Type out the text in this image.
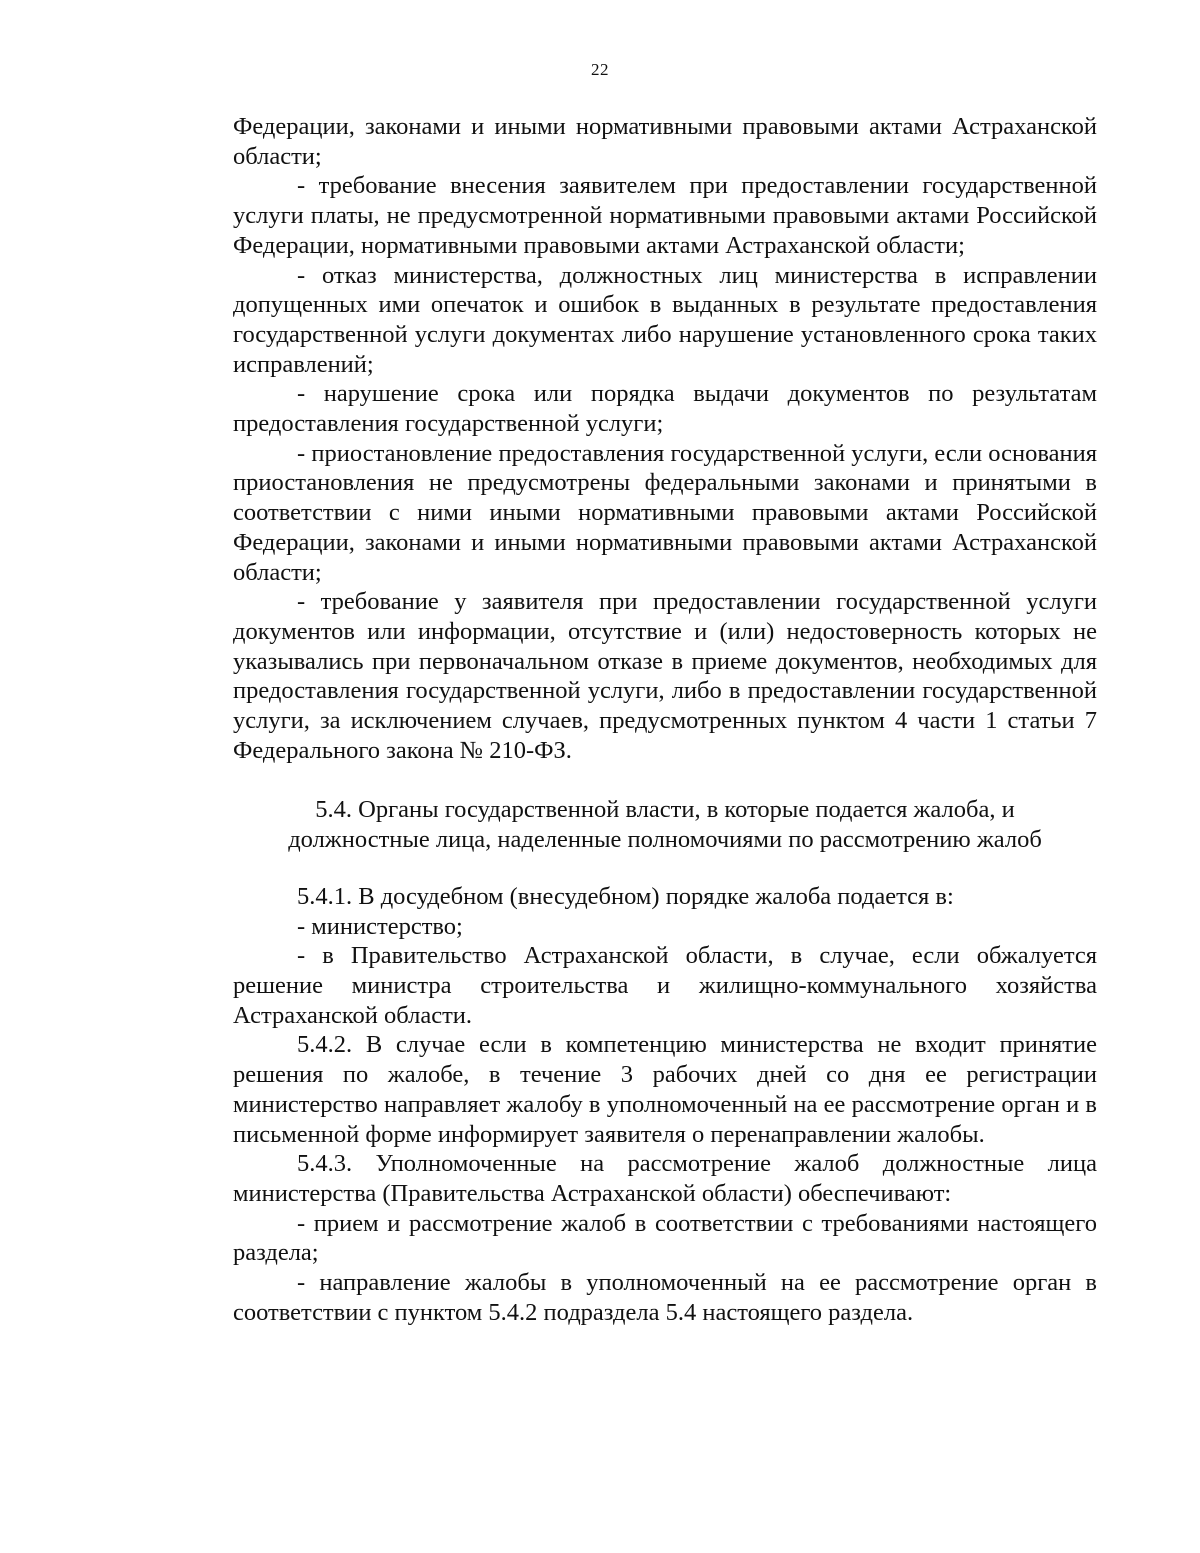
22

Федерации, законами и иными нормативными правовыми актами Астраханской области;

- требование внесения заявителем при предоставлении государственной услуги платы, не предусмотренной нормативными правовыми актами Российской Федерации, нормативными правовыми актами Астраханской области;

- отказ министерства, должностных лиц министерства в исправлении допущенных ими опечаток и ошибок в выданных в результате предоставления государственной услуги документах либо нарушение установленного срока таких исправлений;

- нарушение срока или порядка выдачи документов по результатам предоставления государственной услуги;

- приостановление предоставления государственной услуги, если основания приостановления не предусмотрены федеральными законами и принятыми в соответствии с ними иными нормативными правовыми актами Российской Федерации, законами и иными нормативными правовыми актами Астраханской области;

- требование у заявителя при предоставлении государственной услуги документов или информации, отсутствие и (или) недостоверность которых не указывались при первоначальном отказе в приеме документов, необходимых для предоставления государственной услуги, либо в предоставлении государственной услуги, за исключением случаев, предусмотренных пунктом 4 части 1 статьи 7 Федерального закона № 210-ФЗ.

5.4. Органы государственной власти, в которые подается жалоба, и должностные лица, наделенные полномочиями по рассмотрению жалоб

5.4.1. В досудебном (внесудебном) порядке жалоба подается в:

- министерство;

- в Правительство Астраханской области, в случае, если обжалуется решение министра строительства и жилищно-коммунального хозяйства Астраханской области.

5.4.2. В случае если в компетенцию министерства не входит принятие решения по жалобе, в течение 3 рабочих дней со дня ее регистрации министерство направляет жалобу в уполномоченный на ее рассмотрение орган и в письменной форме информирует заявителя о перенаправлении жалобы.

5.4.3. Уполномоченные на рассмотрение жалоб должностные лица министерства (Правительства Астраханской области) обеспечивают:

- прием и рассмотрение жалоб в соответствии с требованиями настоящего раздела;

- направление жалобы в уполномоченный на ее рассмотрение орган в соответствии с пунктом 5.4.2 подраздела 5.4 настоящего раздела.
